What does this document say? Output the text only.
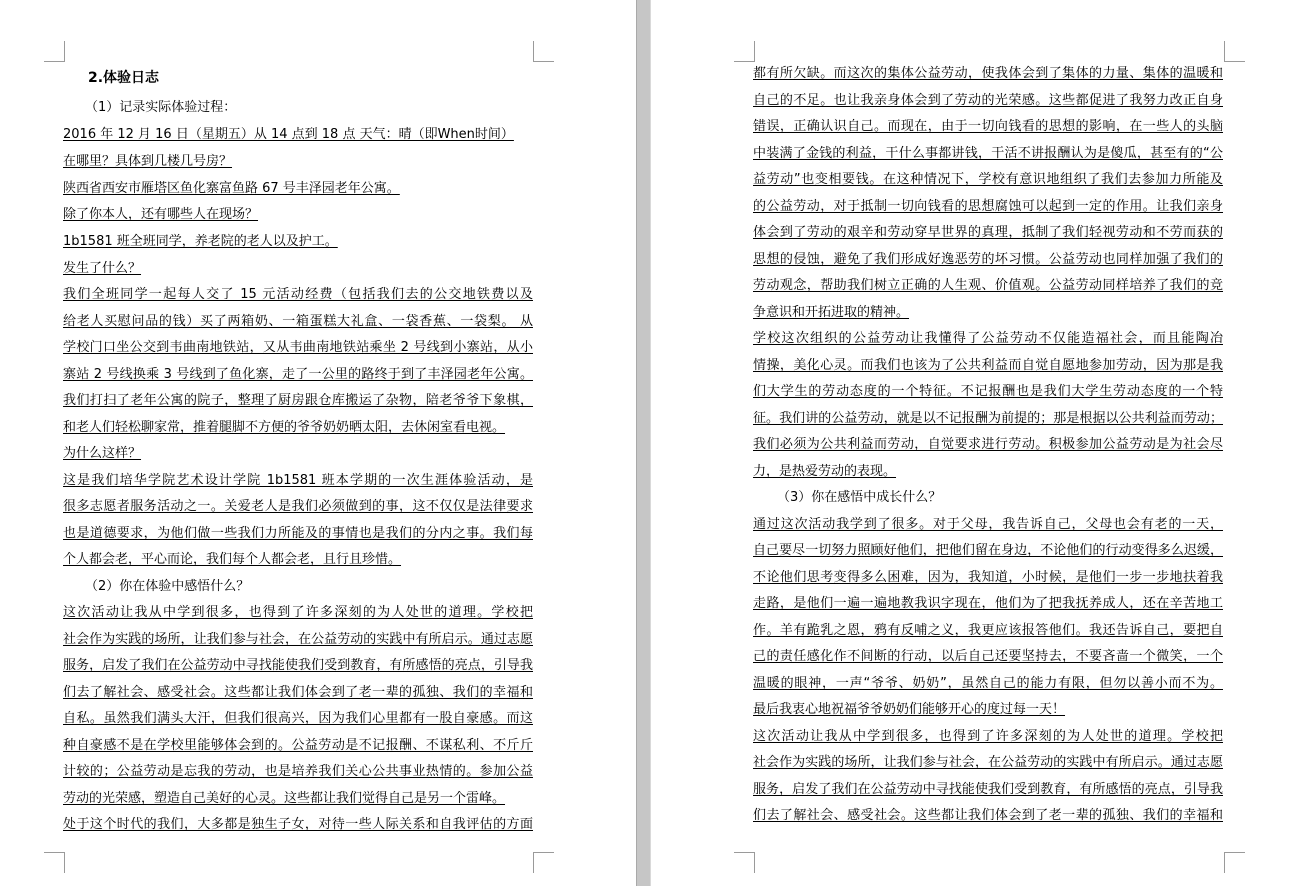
2.体验日志
（1）记录实际体验过程：
2016 年 12 月 16 日（星期五）从 14 点到 18 点 天气：晴（即When时间）
在哪里？具体到几楼几号房？
陕西省西安市雁塔区鱼化寨富鱼路 67 号丰泽园老年公寓。
除了你本人，还有哪些人在现场？
1b1581 班全班同学，养老院的老人以及护工。
发生了什么？
我们全班同学一起每人交了 15 元活动经费（包括我们去的公交地铁费以及
给老人买慰问品的钱）买了两箱奶、一箱蛋糕大礼盒、一袋香蕉、一袋梨。 从
学校门口坐公交到韦曲南地铁站，又从韦曲南地铁站乘坐 2 号线到小寨站，从小
寨站 2 号线换乘 3 号线到了鱼化寨，走了一公里的路终于到了丰泽园老年公寓。
我们打扫了老年公寓的院子，整理了厨房跟仓库搬运了杂物，陪老爷爷下象棋，
和老人们轻松聊家常，推着腿脚不方便的爷爷奶奶晒太阳，去休闲室看电视。
为什么这样？
这是我们培华学院艺术设计学院 1b1581 班本学期的一次生涯体验活动，是
很多志愿者服务活动之一。关爱老人是我们必须做到的事，这不仅仅是法律要求
也是道德要求，为他们做一些我们力所能及的事情也是我们的分内之事。我们每
个人都会老，平心而论，我们每个人都会老，且行且珍惜。
（2）你在体验中感悟什么？
这次活动让我从中学到很多，也得到了许多深刻的为人处世的道理。学校把
社会作为实践的场所，让我们参与社会，在公益劳动的实践中有所启示。通过志愿
服务，启发了我们在公益劳动中寻找能使我们受到教育，有所感悟的亮点，引导我
们去了解社会、感受社会。这些都让我们体会到了老一辈的孤独、我们的幸福和
自私。虽然我们满头大汗，但我们很高兴，因为我们心里都有一股自豪感。而这
种自豪感不是在学校里能够体会到的。公益劳动是不记报酬、不谋私利、不斤斤
计较的；公益劳动是忘我的劳动，也是培养我们关心公共事业热情的。参加公益
劳动的光荣感，塑造自己美好的心灵。这些都让我们觉得自己是另一个雷峰。
处于这个时代的我们，大多都是独生子女，对待一些人际关系和自我评估的方面
都有所欠缺。而这次的集体公益劳动，使我体会到了集体的力量、集体的温暖和
自己的不足。也让我亲身体会到了劳动的光荣感。这些都促进了我努力改正自身
错误，正确认识自己。而现在，由于一切向钱看的思想的影响，在一些人的头脑
中装满了金钱的利益，干什么事都讲钱，干活不讲报酬认为是傻瓜，甚至有的“公
益劳动”也变相要钱。在这种情况下，学校有意识地组织了我们去参加力所能及
的公益劳动，对于抵制一切向钱看的思想腐蚀可以起到一定的作用。让我们亲身
体会到了劳动的艰辛和劳动穿早世界的真理，抵制了我们轻视劳动和不劳而获的
思想的侵蚀，避免了我们形成好逸恶劳的坏习惯。公益劳动也同样加强了我们的
劳动观念，帮助我们树立正确的人生观、价值观。公益劳动同样培养了我们的竞
争意识和开拓进取的精神。
学校这次组织的公益劳动让我懂得了公益劳动不仅能造福社会，而且能陶冶
情操，美化心灵。而我们也该为了公共利益而自觉自愿地参加劳动，因为那是我
们大学生的劳动态度的一个特征。不记报酬也是我们大学生劳动态度的一个特
征。我们讲的公益劳动，就是以不记报酬为前提的；那是根据以公共利益而劳动；
我们必须为公共利益而劳动，自觉要求进行劳动。积极参加公益劳动是为社会尽
力，是热爱劳动的表现。
（3）你在感悟中成长什么？
通过这次活动我学到了很多。对于父母，我告诉自己，父母也会有老的一天，
自己要尽一切努力照顾好他们，把他们留在身边，不论他们的行动变得多么迟缓，
不论他们思考变得多么困难，因为，我知道，小时候，是他们一步一步地扶着我
走路，是他们一遍一遍地教我识字现在，他们为了把我抚养成人，还在辛苦地工
作。羊有跪乳之恩，鸦有反哺之义，我更应该报答他们。我还告诉自己，要把自
己的责任感化作不间断的行动，以后自己还要坚持去，不要吝啬一个微笑，一个
温暖的眼神，一声“爷爷、奶奶”，虽然自己的能力有限，但勿以善小而不为。
最后我衷心地祝福爷爷奶奶们能够开心的度过每一天！
这次活动让我从中学到很多，也得到了许多深刻的为人处世的道理。学校把
社会作为实践的场所，让我们参与社会，在公益劳动的实践中有所启示。通过志愿
服务，启发了我们在公益劳动中寻找能使我们受到教育，有所感悟的亮点，引导我
们去了解社会、感受社会。这些都让我们体会到了老一辈的孤独、我们的幸福和
